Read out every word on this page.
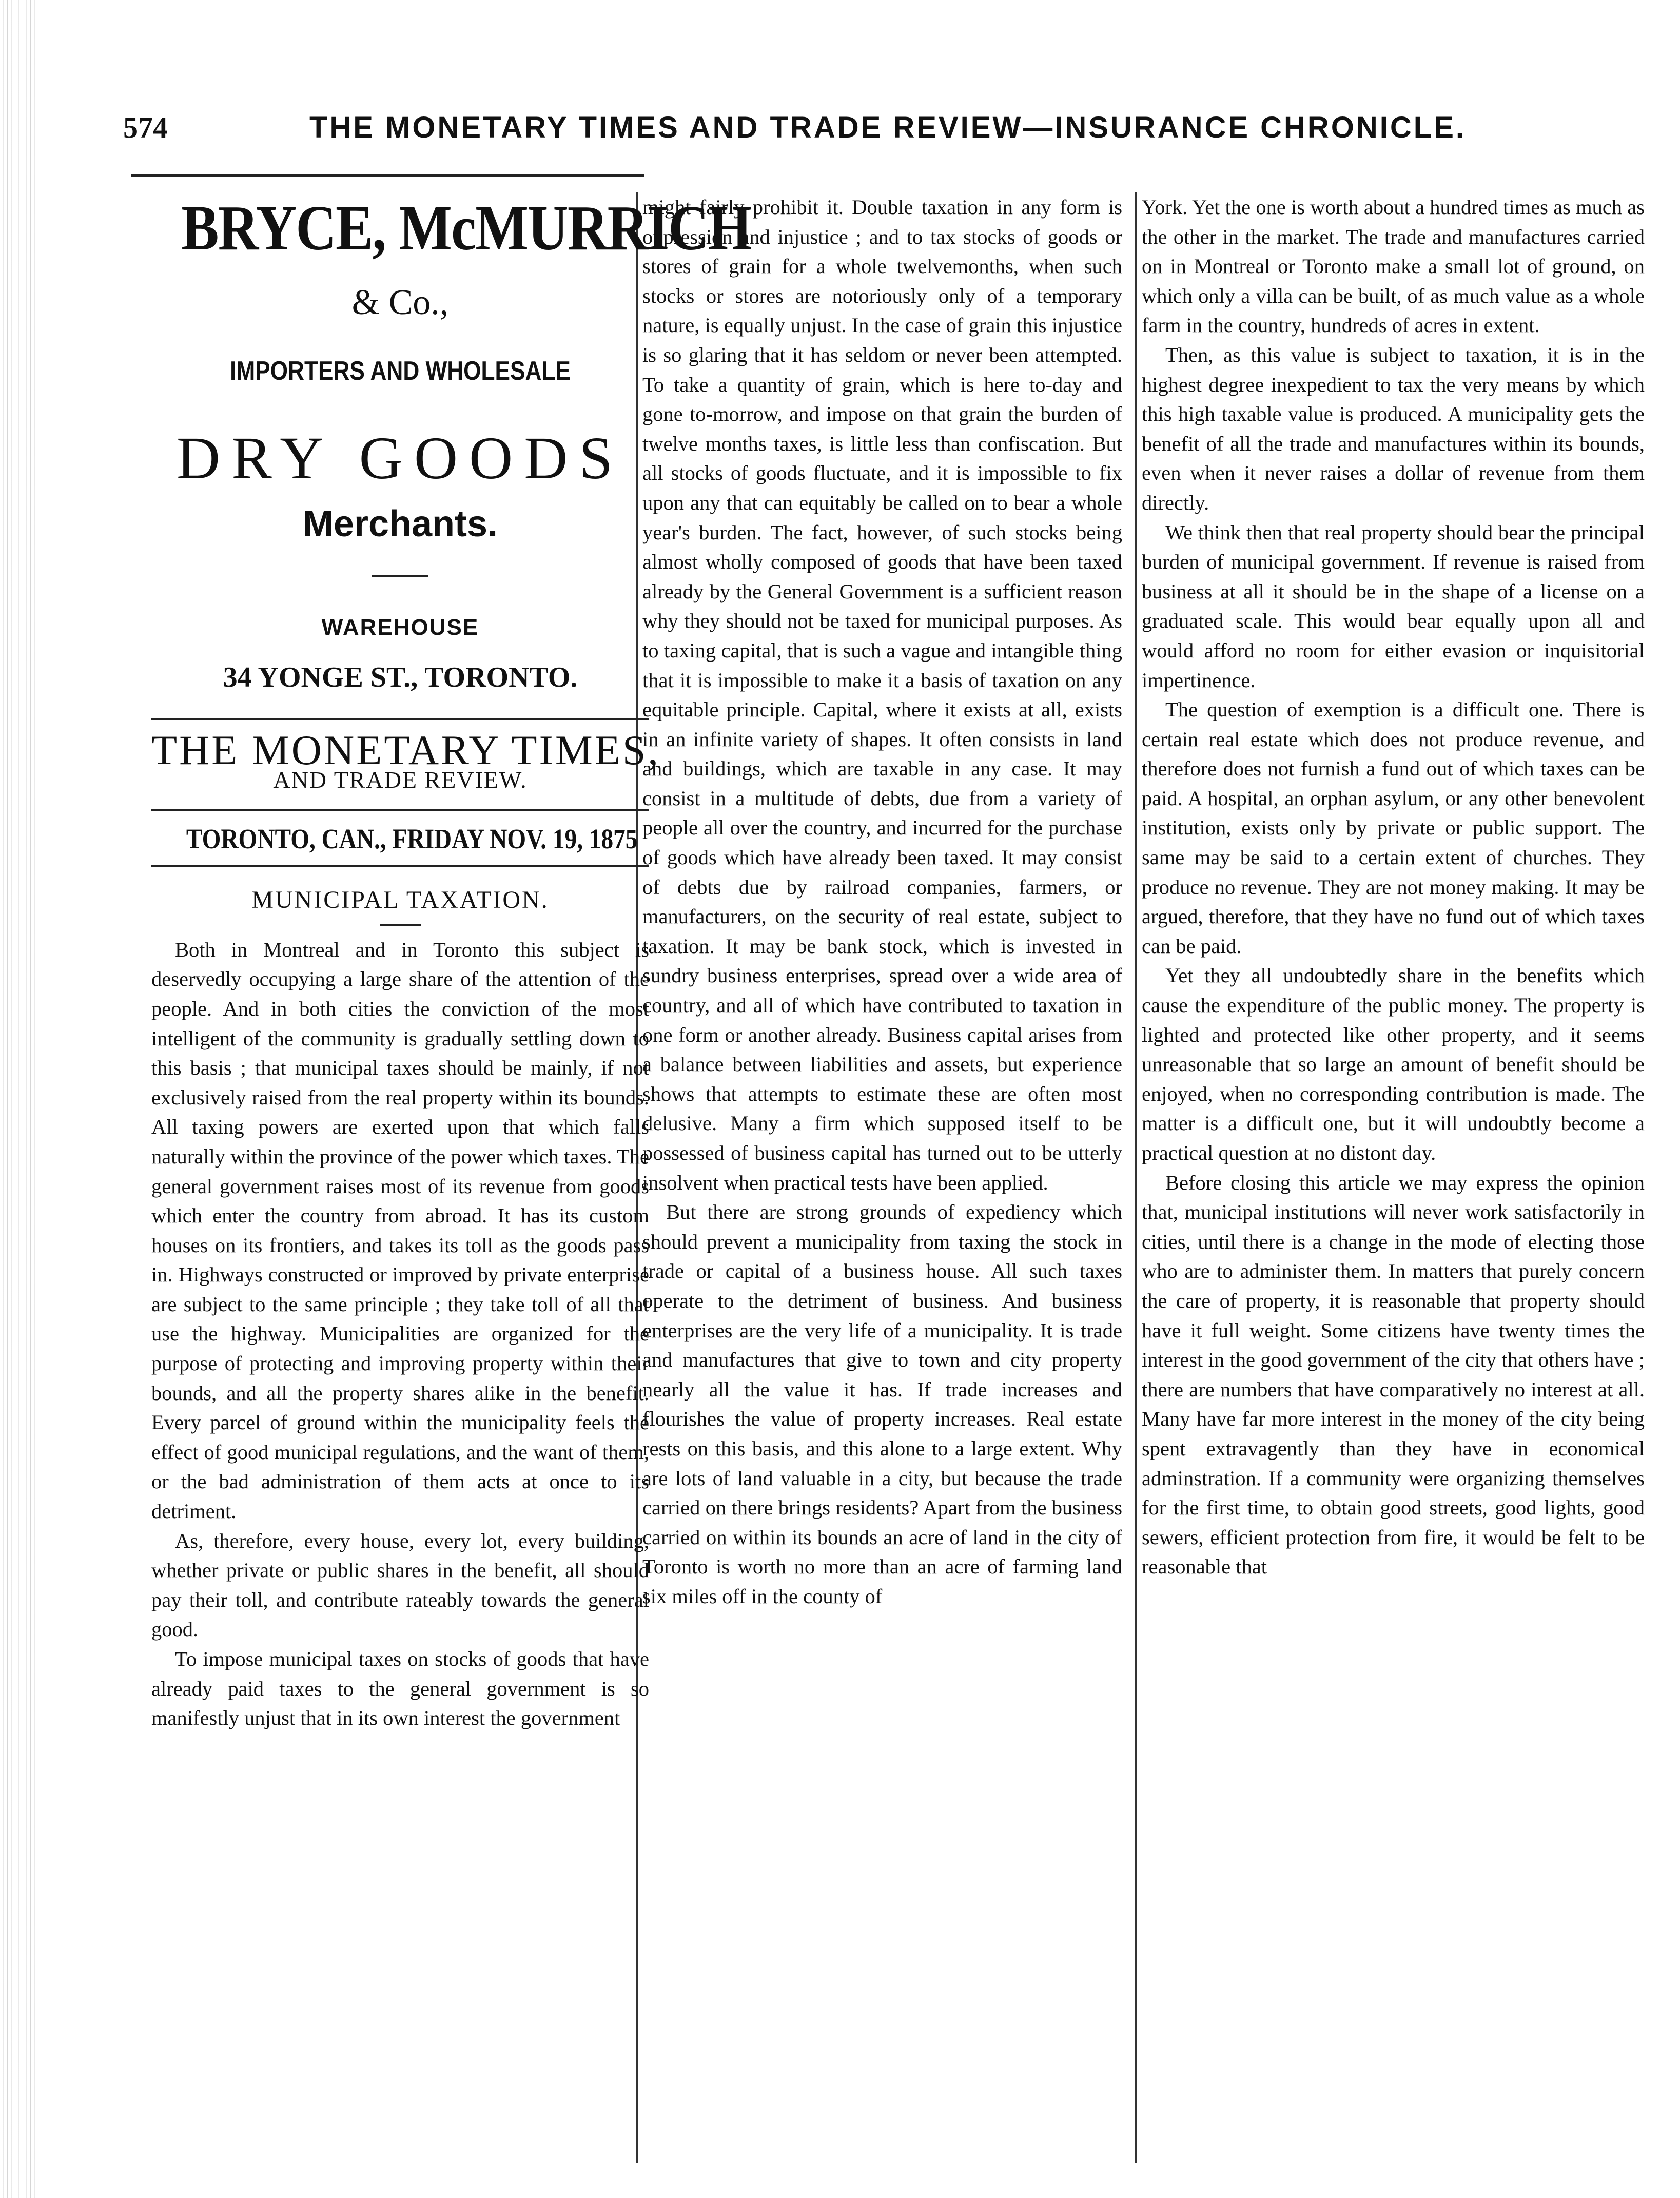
574	THE MONETARY TIMES AND TRADE REVIEW—INSURANCE CHRONICLE.
BRYCE, McMURRICH
& Co.,
IMPORTERS AND WHOLESALE
DRY GOODS
Merchants.
WAREHOUSE
34 YONGE ST., TORONTO.
THE MONETARY TIMES,
AND TRADE REVIEW.
TORONTO, CAN., FRIDAY NOV. 19, 1875
MUNICIPAL TAXATION.

Both in Montreal and in Toronto this subject is deservedly occupying a large share of the attention of the people. And in both cities the conviction of the most intelligent of the community is gradually settling down to this basis ; that municipal taxes should be mainly, if not exclusively raised from the real property within its bounds. All taxing powers are exerted upon that which falls naturally within the province of the power which taxes. The general government raises most of its revenue from goods which enter the country from abroad. It has its custom houses on its frontiers, and takes its toll as the goods pass in. Highways constructed or improved by private enterprise are subject to the same principle ; they take toll of all that use the highway. Municipalities are organized for the purpose of protecting and improving property within their bounds, and all the property shares alike in the benefit. Every parcel of ground within the municipality feels the effect of good municipal regulations, and the want of them, or the bad administration of them acts at once to its detriment.

As, therefore, every house, every lot, every building, whether private or public shares in the benefit, all should pay their toll, and contribute rateably towards the general good.

To impose municipal taxes on stocks of goods that have already paid taxes to the general government is so manifestly unjust that in its own interest the government

might fairly prohibit it. Double taxation in any form is oppression and injustice ; and to tax stocks of goods or stores of grain for a whole twelvemonths, when such stocks or stores are notoriously only of a temporary nature, is equally unjust. In the case of grain this injustice is so glaring that it has seldom or never been attempted. To take a quantity of grain, which is here to-day and gone to-morrow, and impose on that grain the burden of twelve months taxes, is little less than confiscation. But all stocks of goods fluctuate, and it is impossible to fix upon any that can equitably be called on to bear a whole year's burden. The fact, however, of such stocks being almost wholly composed of goods that have been taxed already by the General Government is a sufficient reason why they should not be taxed for municipal purposes. As to taxing capital, that is such a vague and intangible thing that it is impossible to make it a basis of taxation on any equitable principle. Capital, where it exists at all, exists in an infinite variety of shapes. It often consists in land and buildings, which are taxable in any case. It may consist in a multitude of debts, due from a variety of people all over the country, and incurred for the purchase of goods which have already been taxed. It may consist of debts due by railroad companies, farmers, or manufacturers, on the security of real estate, subject to taxation. It may be bank stock, which is invested in sundry business enterprises, spread over a wide area of country, and all of which have contributed to taxation in one form or another already. Business capital arises from a balance between liabilities and assets, but experience shows that attempts to estimate these are often most delusive. Many a firm which supposed itself to be possessed of business capital has turned out to be utterly insolvent when practical tests have been applied.

But there are strong grounds of expediency which should prevent a municipality from taxing the stock in trade or capital of a business house. All such taxes operate to the detriment of business. And business enterprises are the very life of a municipality. It is trade and manufactures that give to town and city property nearly all the value it has. If trade increases and flourishes the value of property increases. Real estate rests on this basis, and this alone to a large extent. Why are lots of land valuable in a city, but because the trade carried on there brings residents? Apart from the business carried on within its bounds an acre of land in the city of Toronto is worth no more than an acre of farming land six miles off in the county of

York. Yet the one is worth about a hundred times as much as the other in the market. The trade and manufactures carried on in Montreal or Toronto make a small lot of ground, on which only a villa can be built, of as much value as a whole farm in the country, hundreds of acres in extent.

Then, as this value is subject to taxation, it is in the highest degree inexpedient to tax the very means by which this high taxable value is produced. A municipality gets the benefit of all the trade and manufactures within its bounds, even when it never raises a dollar of revenue from them directly.

We think then that real property should bear the principal burden of municipal government. If revenue is raised from business at all it should be in the shape of a license on a graduated scale. This would bear equally upon all and would afford no room for either evasion or inquisitorial impertinence.

The question of exemption is a difficult one. There is certain real estate which does not produce revenue, and therefore does not furnish a fund out of which taxes can be paid. A hospital, an orphan asylum, or any other benevolent institution, exists only by private or public support. The same may be said to a certain extent of churches. They produce no revenue. They are not money making. It may be argued, therefore, that they have no fund out of which taxes can be paid.

Yet they all undoubtedly share in the benefits which cause the expenditure of the public money. The property is lighted and protected like other property, and it seems unreasonable that so large an amount of benefit should be enjoyed, when no corresponding contribution is made. The matter is a difficult one, but it will undoubtly become a practical question at no distont day.

Before closing this article we may express the opinion that, municipal institutions will never work satisfactorily in cities, until there is a change in the mode of electing those who are to administer them. In matters that purely concern the care of property, it is reasonable that property should have it full weight. Some citizens have twenty times the interest in the good government of the city that others have ; there are numbers that have comparatively no interest at all. Many have far more interest in the money of the city being spent extravagently than they have in economical adminstration. If a community were organizing themselves for the first time, to obtain good streets, good lights, good sewers, efficient protection from fire, it would be felt to be reasonable that
